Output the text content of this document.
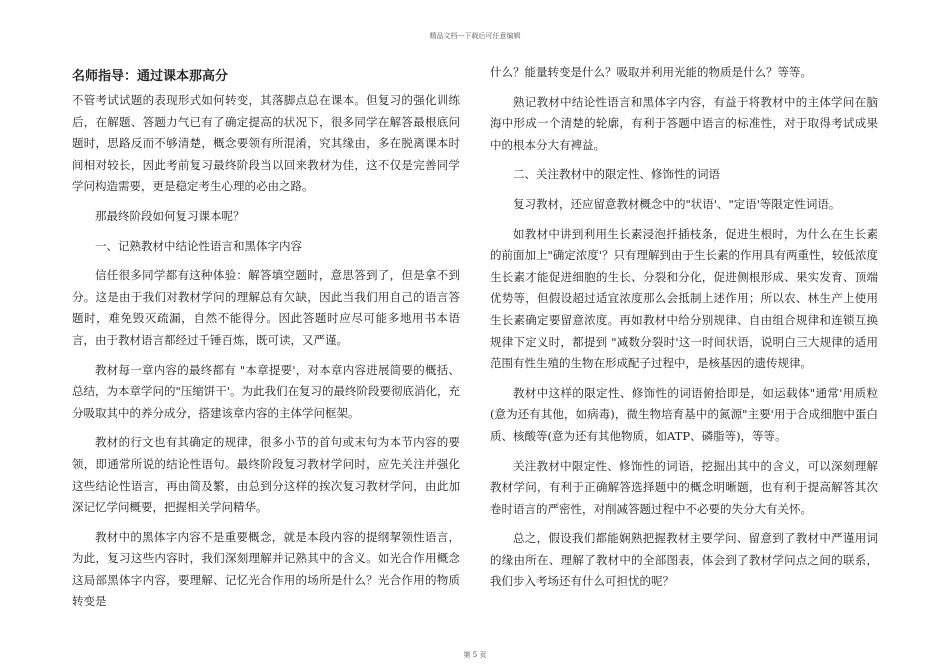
精品文档---下载后可任意编辑
名师指导：通过课本那高分

不管考试试题的表现形式如何转变，其落脚点总在课本。但复习的强化训练后，在解题、答题力气已有了确定提高的状况下，很多同学在解答最根底问题时，思路反而不够清楚，概念要领有所混淆，究其缘由，多在脱离课本时间相对较长，因此考前复习最终阶段当以回来教材为佳，这不仅是完善同学学问构造需要，更是稳定考生心理的必由之路。

那最终阶段如何复习课本呢？

一、记熟教材中结论性语言和黑体字内容

信任很多同学都有这种体验：解答填空题时，意思答到了，但是拿不到分。这是由于我们对教材学问的理解总有欠缺，因此当我们用自己的语言答题时，难免毁灭疏漏，自然不能得分。因此答题时应尽可能多地用书本语言，由于教材语言都经过千锤百炼，既可读，又严谨。

教材每一章内容的最终都有 "本章提要'，对本章内容进展简要的概括、总结，为本章学问的"压缩饼干'。为此我们在复习的最终阶段要彻底消化，充分吸取其中的养分成分，搭建该章内容的主体学问框架。

教材的行文也有其确定的规律，很多小节的首句或末句为本节内容的要领，即通常所说的结论性语句。最终阶段复习教材学问时，应先关注并强化这些结论性语言，再由简及繁，由总到分这样的挨次复习教材学问，由此加深记忆学问概要，把握相关学问精华。

教材中的黑体字内容不是重要概念，就是本段内容的提纲挈领性语言，为此，复习这些内容时，我们深刻理解并记熟其中的含义。如光合作用概念这局部黑体字内容，要理解、记忆光合作用的场所是什么？光合作用的物质转变是

什么？能量转变是什么？吸取并利用光能的物质是什么？等等。

熟记教材中结论性语言和黑体字内容，有益于将教材中的主体学问在脑海中形成一个清楚的轮廓，有利于答题中语言的标准性，对于取得考试成果中的根本分大有裨益。

二、关注教材中的限定性、修饰性的词语

复习教材，还应留意教材概念中的"状语'、"定语'等限定性词语。

如教材中讲到利用生长素浸泡扦插枝条，促进生根时，为什么在生长素的前面加上"确定浓度'？只有理解到由于生长素的作用具有两重性，较低浓度生长素才能促进细胞的生长、分裂和分化，促进侧根形成、果实发育、顶端优势等，但假设超过适宜浓度那么会抵制上述作用；所以农、林生产上使用生长素确定要留意浓度。再如教材中给分别规律、自由组合规律和连锁互换规律下定义时，都提到 "减数分裂时'这一时间状语，说明白三大规律的适用范围有性生殖的生物在形成配子过程中，是核基因的遗传规律。

教材中这样的限定性、修饰性的词语俯拾即是，如运载体"通常'用质粒(意为还有其他，如病毒)，微生物培育基中的氮源"主要'用于合成细胞中蛋白质、核酸等(意为还有其他物质，如ATP、磷脂等)，等等。

关注教材中限定性、修饰性的词语，挖掘出其中的含义，可以深刻理解教材学问，有利于正确解答选择题中的概念明晰题，也有利于提高解答其次卷时语言的严密性，对削减答题过程中不必要的失分大有关怀。

总之，假设我们都能娴熟把握教材主要学问、留意到了教材中严谨用词的缘由所在、理解了教材中的全部图表，体会到了教材学问点之间的联系，我们步入考场还有什么可担忧的呢？

第 5 页
